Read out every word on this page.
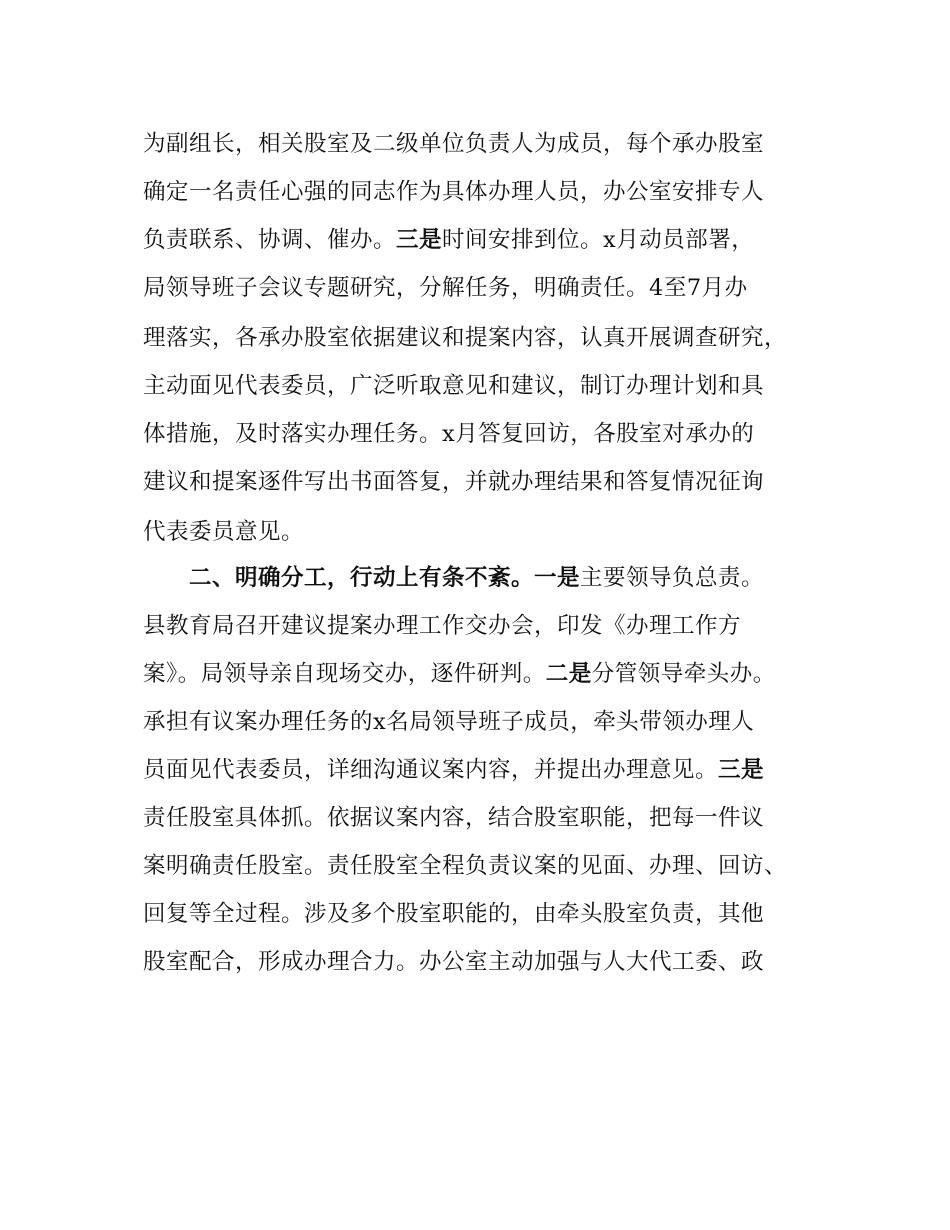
为副组长，相关股室及二级单位负责人为成员，每个承办股室
确定一名责任心强的同志作为具体办理人员，办公室安排专人
负责联系、协调、催办。三是时间安排到位。x月动员部署，
局领导班子会议专题研究，分解任务，明确责任。4至7月办
理落实，各承办股室依据建议和提案内容，认真开展调查研究，
主动面见代表委员，广泛听取意见和建议，制订办理计划和具
体措施，及时落实办理任务。x月答复回访，各股室对承办的
建议和提案逐件写出书面答复，并就办理结果和答复情况征询
代表委员意见。
二、明确分工，行动上有条不紊。一是主要领导负总责。
县教育局召开建议提案办理工作交办会，印发《办理工作方
案》。局领导亲自现场交办，逐件研判。二是分管领导牵头办。
承担有议案办理任务的x名局领导班子成员，牵头带领办理人
员面见代表委员，详细沟通议案内容，并提出办理意见。三是
责任股室具体抓。依据议案内容，结合股室职能，把每一件议
案明确责任股室。责任股室全程负责议案的见面、办理、回访、
回复等全过程。涉及多个股室职能的，由牵头股室负责，其他
股室配合，形成办理合力。办公室主动加强与人大代工委、政
